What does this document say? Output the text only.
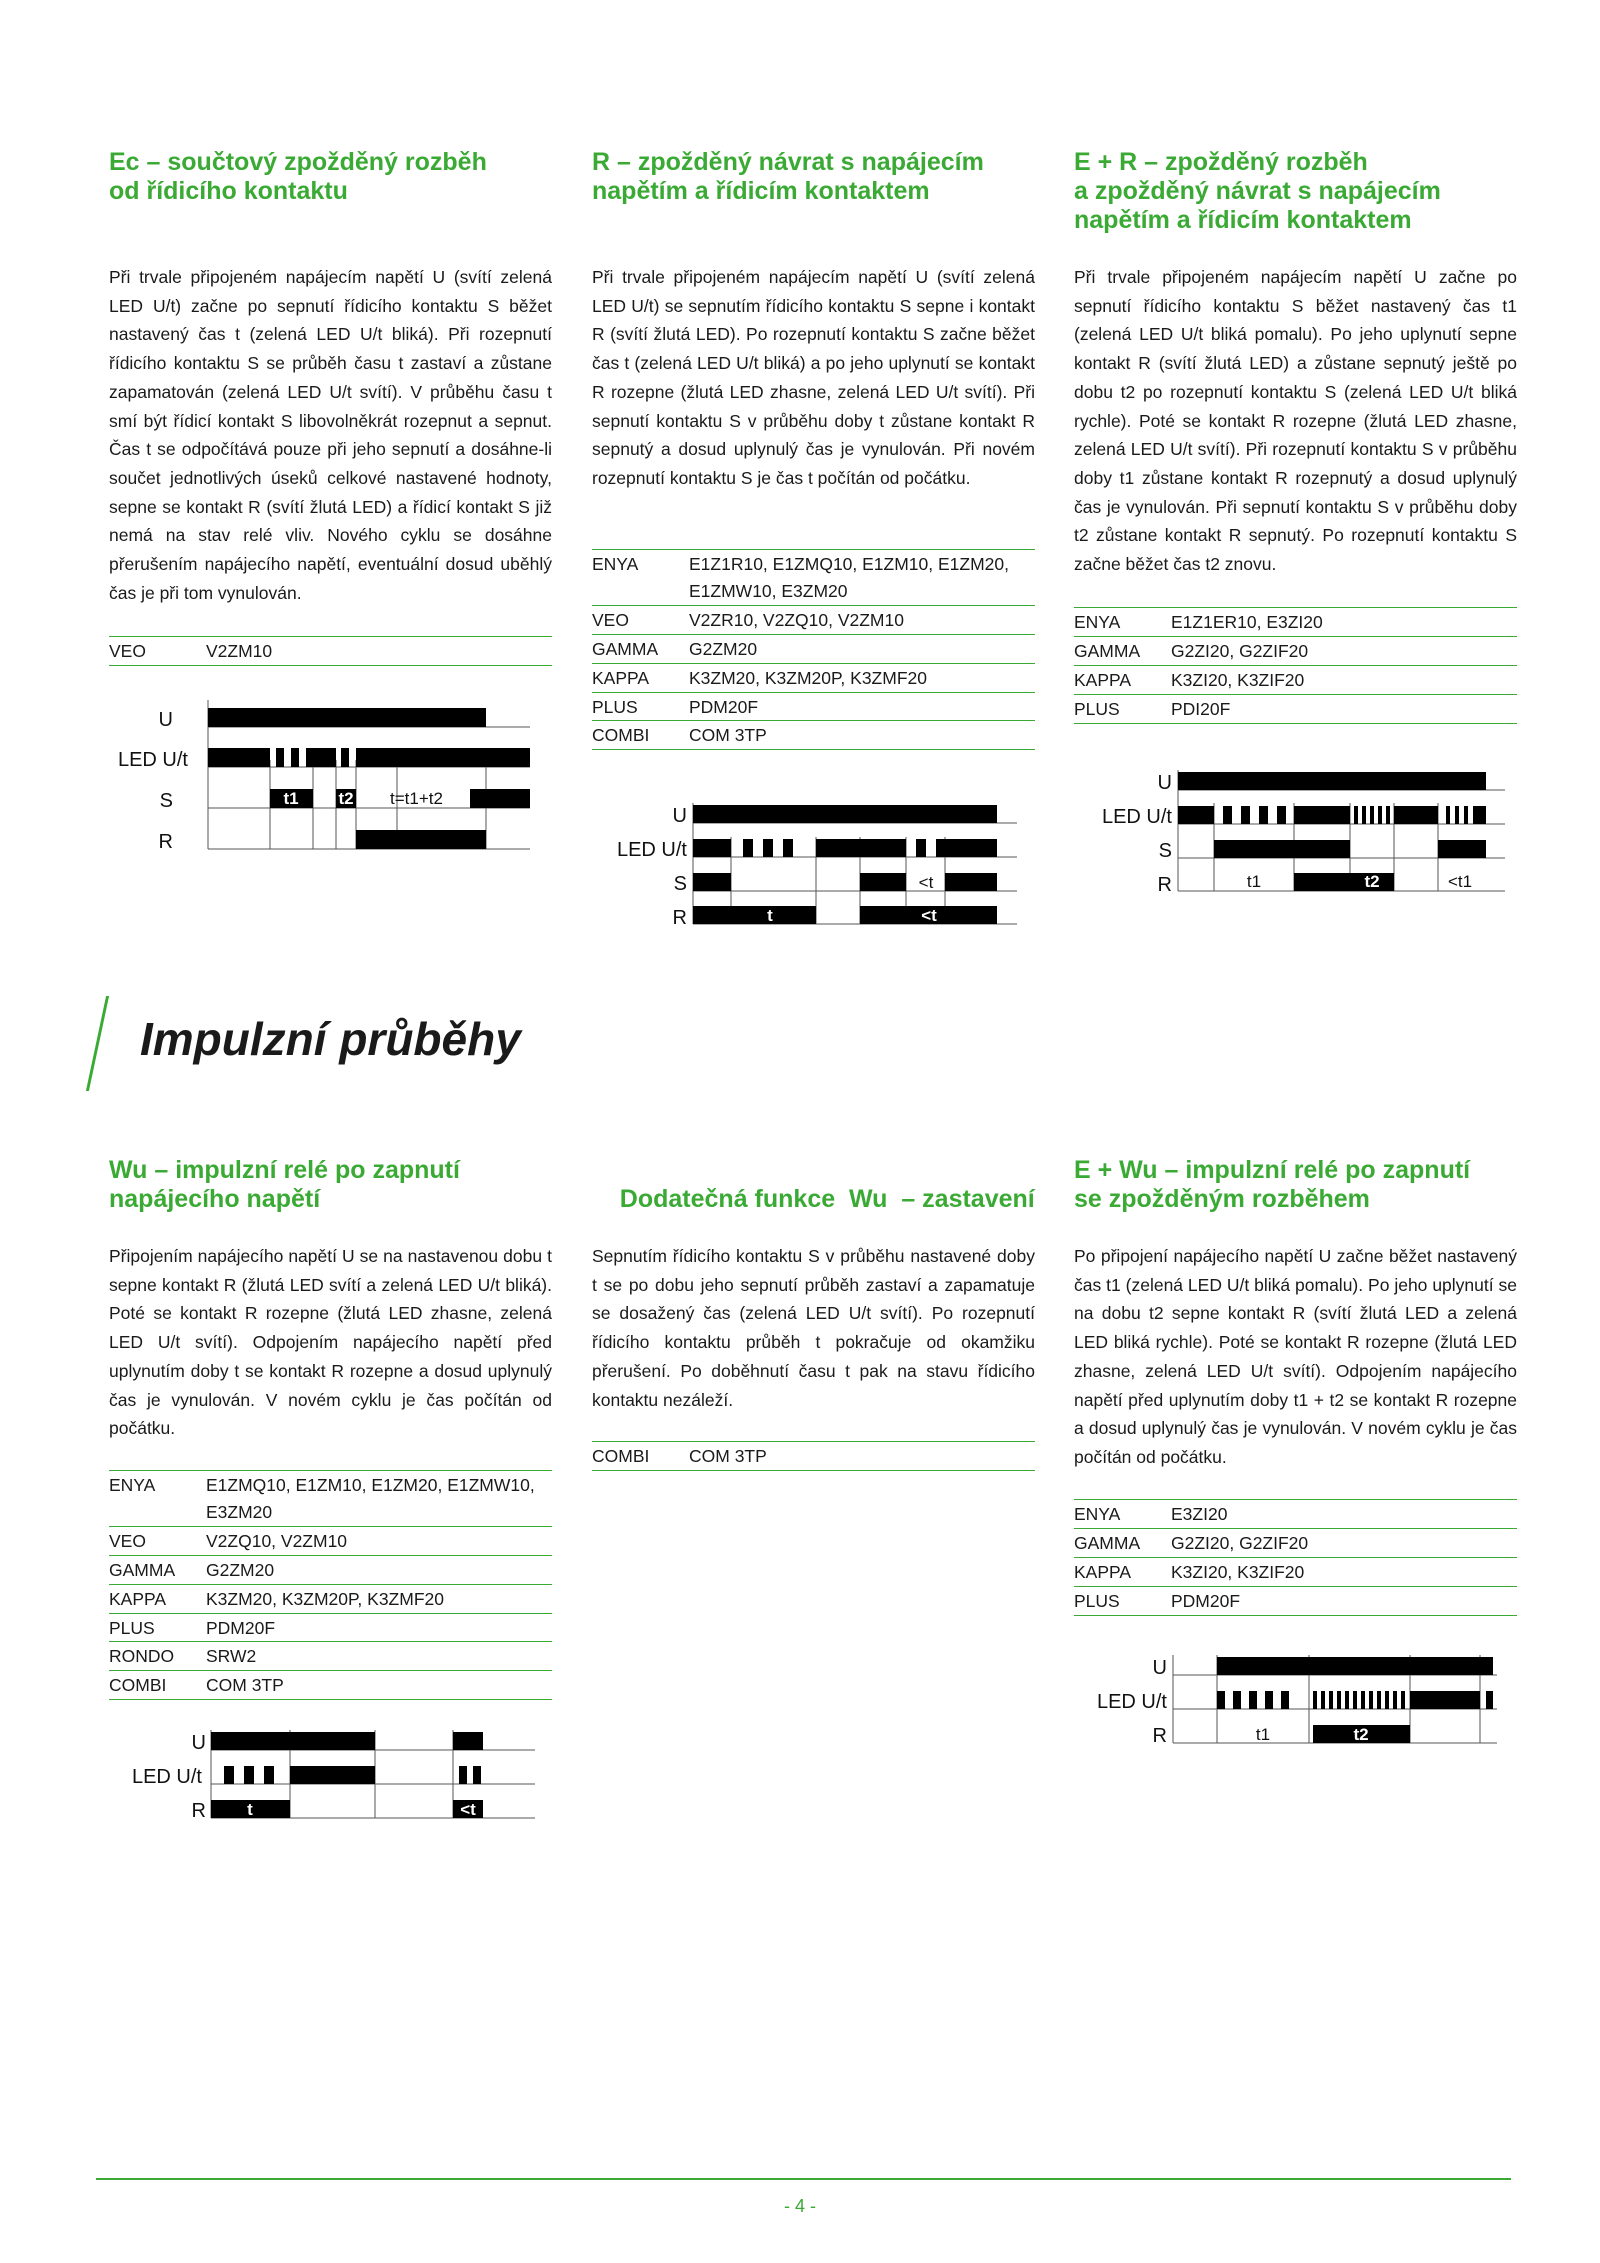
Ec – součtový zpožděný rozběh
od řídicího kontaktu

Při trvale připojeném napájecím napětí U (svítí zelená LED U/t) začne po sepnutí řídicího kontaktu S běžet nastavený čas t (zelená LED U/t bliká). Při rozepnutí řídicího kontaktu S se průběh času t zastaví a zůstane zapamatován (zelená LED U/t svítí). V průběhu času t smí být řídicí kontakt S libovolněkrát rozepnut a sepnut. Čas t se odpočítává pouze při jeho sepnutí a dosáhne-li součet jednotlivých úseků celkové nastavené hodnoty, sepne se kontakt R (svítí žlutá LED) a řídicí kontakt S již nemá na stav relé vliv. Nového cyklu se dosáhne přerušením napájecího napětí, eventuální dosud uběhlý čas je při tom vynulován.

VEO	V2ZM10
R – zpožděný návrat s napájecím
napětím a řídicím kontaktem

Při trvale připojeném napájecím napětí U (svítí zelená LED U/t) se sepnutím řídicího kontaktu S sepne i kontakt R (svítí žlutá LED). Po rozepnutí kontaktu S začne běžet čas t (zelená LED U/t bliká) a po jeho uplynutí se kontakt R rozepne (žlutá LED zhasne, zelená LED U/t svítí). Při sepnutí kontaktu S v průběhu doby t zůstane kontakt R sepnutý a dosud uplynulý čas je vynulován. Při novém rozepnutí kontaktu S je čas t počítán od počátku.

ENYA	E1Z1R10, E1ZMQ10, E1ZM10, E1ZM20, E1ZMW10, E3ZM20
VEO	V2ZR10, V2ZQ10, V2ZM10
GAMMA	G2ZM20
KAPPA	K3ZM20, K3ZM20P, K3ZMF20
PLUS	PDM20F
COMBI	COM 3TP
E + R – zpožděný rozběh
a zpožděný návrat s napájecím
napětím a řídicím kontaktem

Při trvale připojeném napájecím napětí U začne po sepnutí řídicího kontaktu S běžet nastavený čas t1 (zelená LED U/t bliká pomalu). Po jeho uplynutí sepne kontakt R (svítí žlutá LED) a zůstane sepnutý ještě po dobu t2 po rozepnutí kontaktu S (zelená LED U/t bliká rychle). Poté se kontakt R rozepne (žlutá LED zhasne, zelená LED U/t svítí). Při rozepnutí kontaktu S v průběhu doby t1 zůstane kontakt R rozepnutý a dosud uplynulý čas je vynulován. Při sepnutí kontaktu S v průběhu doby t2 zůstane kontakt R sepnutý. Po rozepnutí kontaktu S začne běžet čas t2 znovu.

ENYA	E1Z1ER10, E3ZI20
GAMMA	G2ZI20, G2ZIF20
KAPPA	K3ZI20, K3ZIF20
PLUS	PDI20F
U
LED U/t
S
R
t1 t2 t=t1+t2
U
LED U/t
S
R
<t
t	<t
U
LED U/t
S
R	t1	t2	<t1
Impulzní průběhy
Wu – impulzní relé po zapnutí
napájecího napětí

Připojením napájecího napětí U se na nastavenou dobu t sepne kontakt R (žlutá LED svítí a zelená LED U/t bliká). Poté se kontakt R rozepne (žlutá LED zhasne, zelená LED U/t svítí). Odpojením napájecího napětí před uplynutím doby t se kontakt R rozepne a dosud uplynulý čas je vynulován. V novém cyklu je čas počítán od počátku.

ENYA	E1ZMQ10, E1ZM10, E1ZM20, E1ZMW10, E3ZM20
VEO	V2ZQ10, V2ZM10
GAMMA	G2ZM20
KAPPA	K3ZM20, K3ZM20P, K3ZMF20
PLUS	PDM20F
RONDO	SRW2
COMBI	COM 3TP

Dodatečná funkce  Wu  – zastavení

Sepnutím řídicího kontaktu S v průběhu nastavené doby t se po dobu jeho sepnutí průběh zastaví a zapamatuje se dosažený čas (zelená LED U/t svítí). Po rozepnutí řídicího kontaktu průběh t pokračuje od okamžiku přerušení. Po doběhnutí času t pak na stavu řídicího kontaktu nezáleží.

COMBI	COM 3TP
E + Wu – impulzní relé po zapnutí
se zpožděným rozběhem

Po připojení napájecího napětí U začne běžet nastavený čas t1 (zelená LED U/t bliká pomalu). Po jeho uplynutí se na dobu t2 sepne kontakt R (svítí žlutá LED a zelená LED bliká rychle). Poté se kontakt R rozepne (žlutá LED zhasne, zelená LED U/t svítí). Odpojením napájecího napětí před uplynutím doby t1 + t2 se kontakt R rozepne a dosud uplynulý čas je vynulován. V novém cyklu je čas počítán od počátku.

ENYA	E3ZI20
GAMMA	G2ZI20, G2ZIF20
KAPPA	K3ZI20, K3ZIF20
PLUS	PDM20F
U
LED U/t
R t	<t
U
LED U/t
R	t1	t2
- 4 -
